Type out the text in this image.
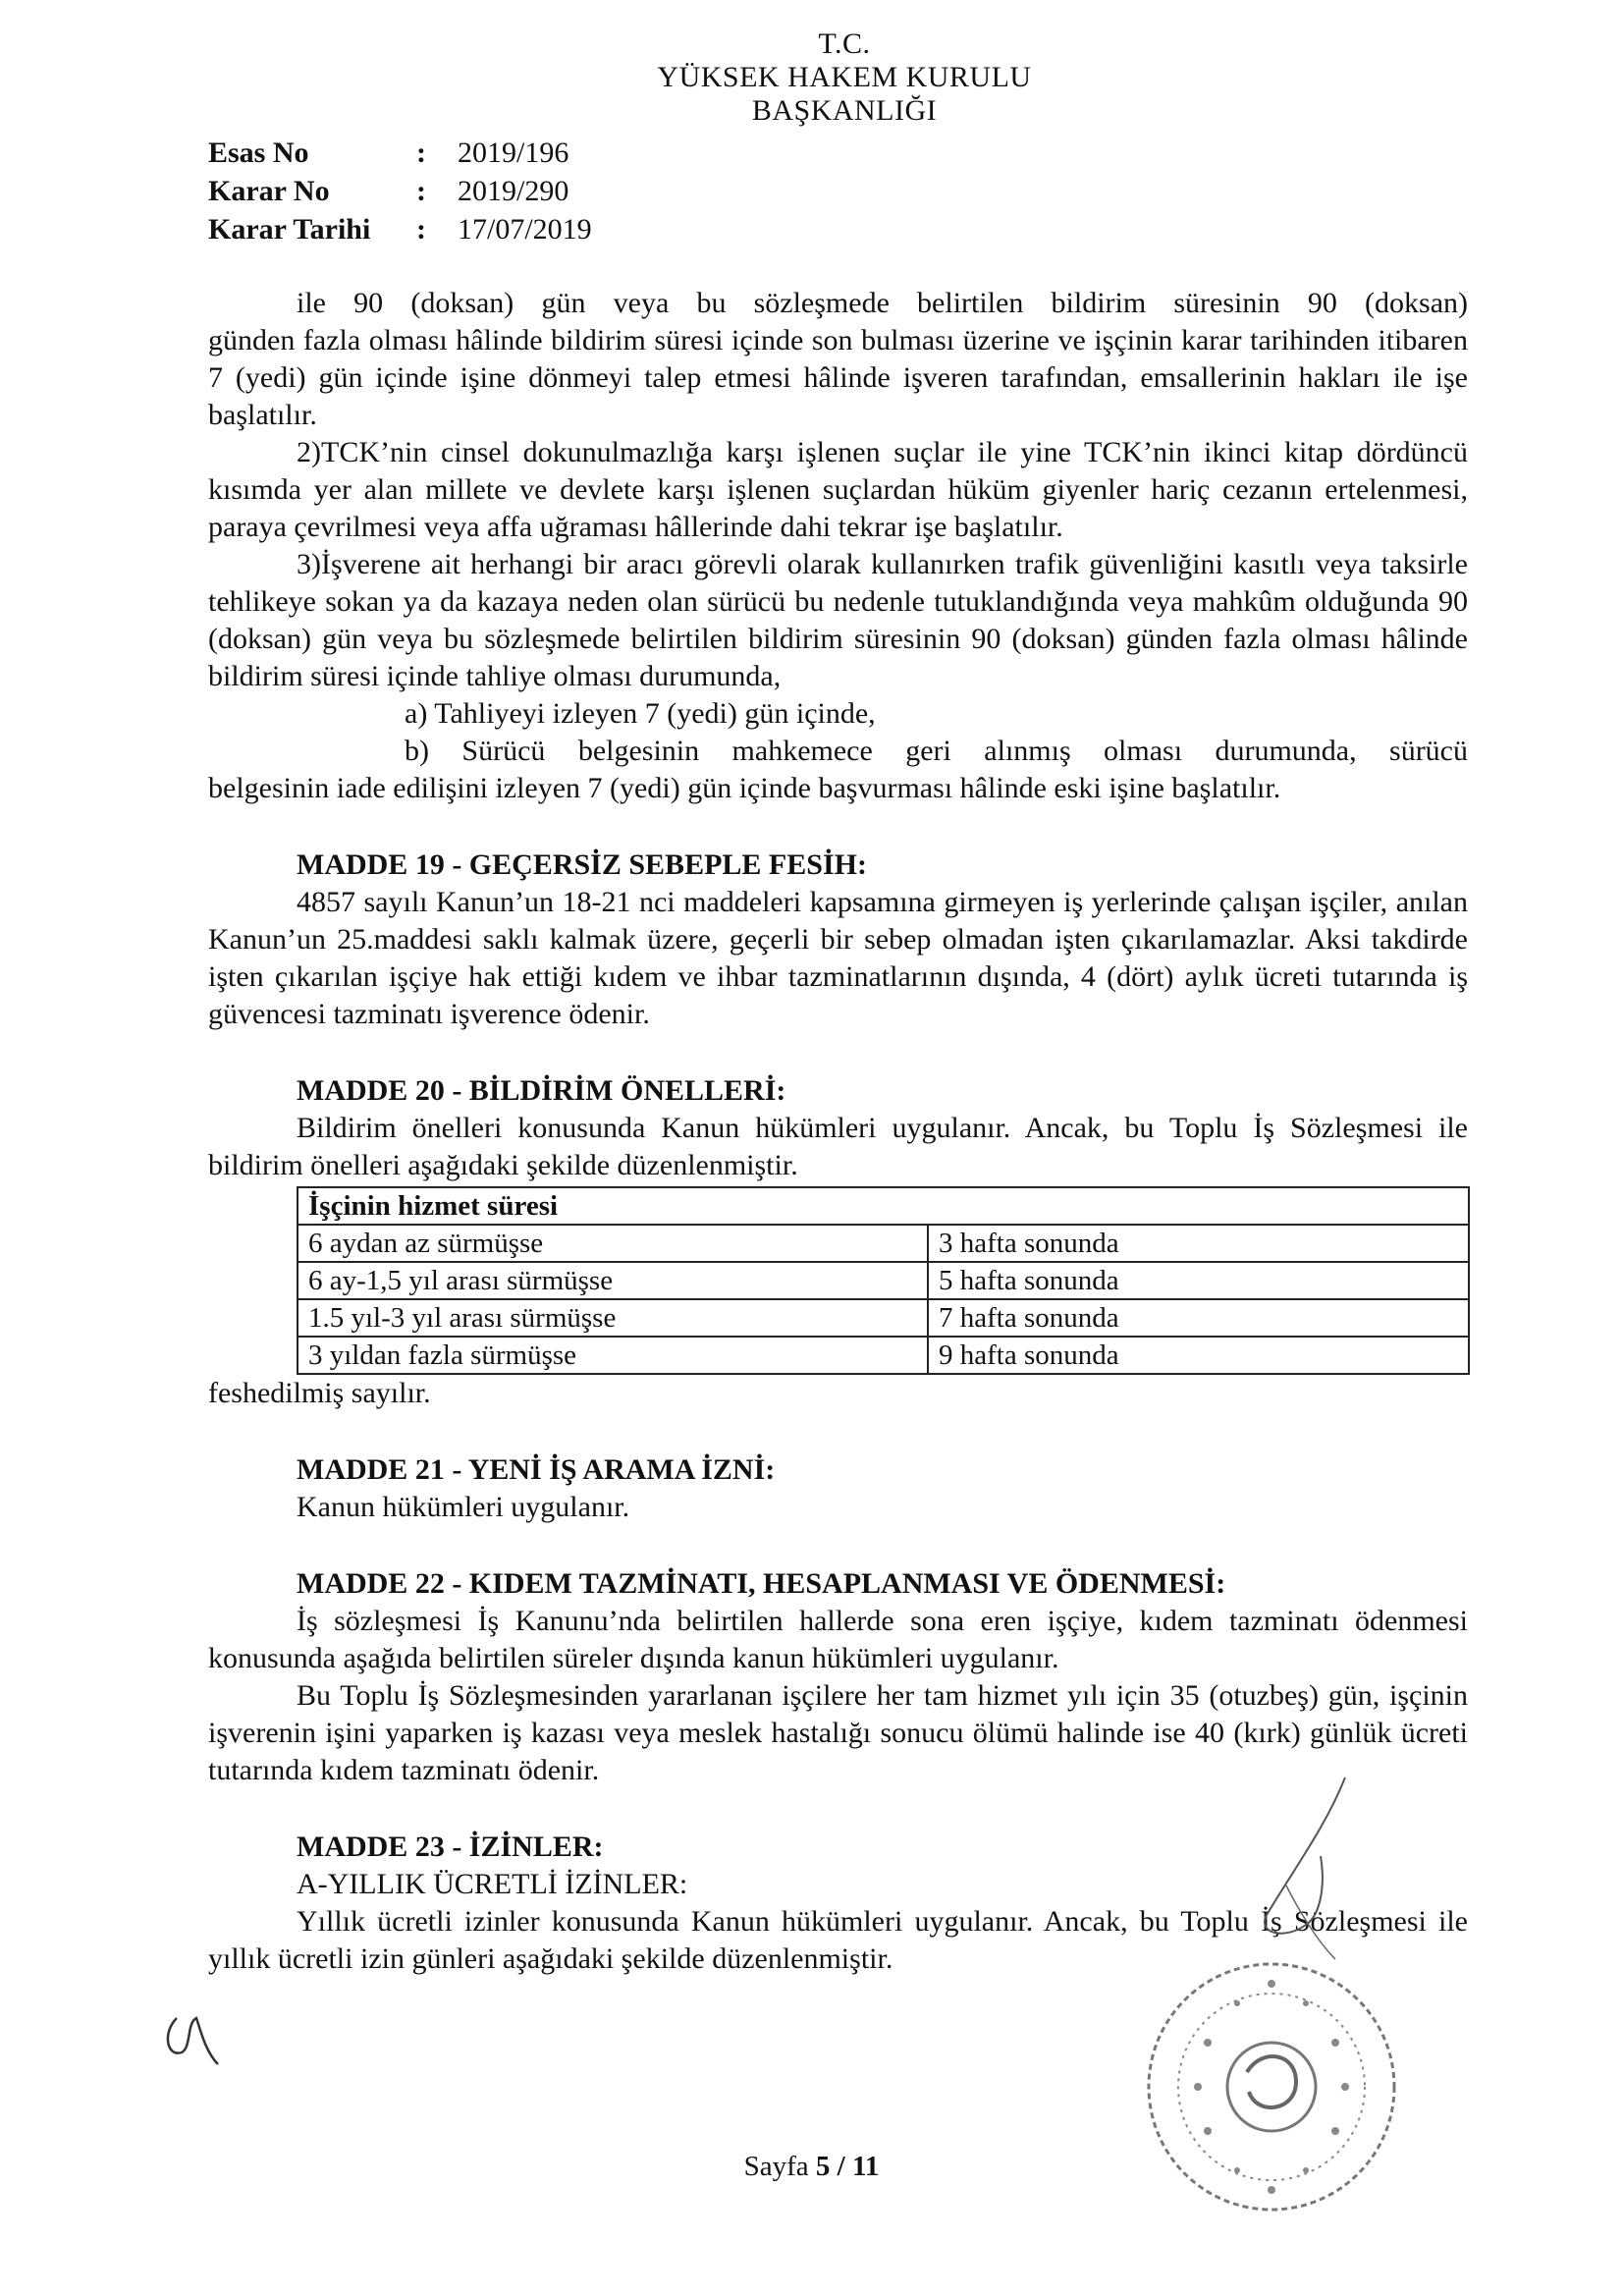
T.C.
YÜKSEK HAKEM KURULU
BAŞKANLIĞI
Esas No	:	2019/196
Karar No	:	2019/290
Karar Tarihi	:	17/07/2019

ile 90 (doksan) gün veya bu sözleşmede belirtilen bildirim süresinin 90 (doksan)

günden fazla olması hâlinde bildirim süresi içinde son bulması üzerine ve işçinin karar tarihinden itibaren 7 (yedi) gün içinde işine dönmeyi talep etmesi hâlinde işveren tarafından, emsallerinin hakları ile işe başlatılır.

2)TCK’nin cinsel dokunulmazlığa karşı işlenen suçlar ile yine TCK’nin ikinci kitap dördüncü kısımda yer alan millete ve devlete karşı işlenen suçlardan hüküm giyenler hariç cezanın ertelenmesi, paraya çevrilmesi veya affa uğraması hâllerinde dahi tekrar işe başlatılır.

3)İşverene ait herhangi bir aracı görevli olarak kullanırken trafik güvenliğini kasıtlı veya taksirle tehlikeye sokan ya da kazaya neden olan sürücü bu nedenle tutuklandığında veya mahkûm olduğunda 90 (doksan) gün veya bu sözleşmede belirtilen bildirim süresinin 90 (doksan) günden fazla olması hâlinde bildirim süresi içinde tahliye olması durumunda,

a) Tahliyeyi izleyen 7 (yedi) gün içinde,

b) Sürücü belgesinin mahkemece geri alınmış olması durumunda, sürücü

belgesinin iade edilişini izleyen 7 (yedi) gün içinde başvurması hâlinde eski işine başlatılır.

MADDE 19 - GEÇERSİZ SEBEPLE FESİH:

4857 sayılı Kanun’un 18-21 nci maddeleri kapsamına girmeyen iş yerlerinde çalışan işçiler, anılan Kanun’un 25.maddesi saklı kalmak üzere, geçerli bir sebep olmadan işten çıkarılamazlar. Aksi takdirde işten çıkarılan işçiye hak ettiği kıdem ve ihbar tazminatlarının dışında, 4 (dört) aylık ücreti tutarında iş güvencesi tazminatı işverence ödenir.

MADDE 20 - BİLDİRİM ÖNELLERİ:

Bildirim önelleri konusunda Kanun hükümleri uygulanır. Ancak, bu Toplu İş Sözleşmesi ile bildirim önelleri aşağıdaki şekilde düzenlenmiştir.

İşçinin hizmet süresi	
6 aydan az sürmüşse	3 hafta sonunda
6 ay-1,5 yıl arası sürmüşse	5 hafta sonunda
1.5 yıl-3 yıl arası sürmüşse	7 hafta sonunda
3 yıldan fazla sürmüşse	9 hafta sonunda

feshedilmiş sayılır.

MADDE 21 - YENİ İŞ ARAMA İZNİ:

Kanun hükümleri uygulanır.

MADDE 22 - KIDEM TAZMİNATI, HESAPLANMASI VE ÖDENMESİ:

İş sözleşmesi İş Kanunu’nda belirtilen hallerde sona eren işçiye, kıdem tazminatı ödenmesi konusunda aşağıda belirtilen süreler dışında kanun hükümleri uygulanır.

Bu Toplu İş Sözleşmesinden yararlanan işçilere her tam hizmet yılı için 35 (otuzbeş) gün, işçinin işverenin işini yaparken iş kazası veya meslek hastalığı sonucu ölümü halinde ise 40 (kırk) günlük ücreti tutarında kıdem tazminatı ödenir.

MADDE 23 - İZİNLER:

A-YILLIK ÜCRETLİ İZİNLER:

Yıllık ücretli izinler konusunda Kanun hükümleri uygulanır. Ancak, bu Toplu İş Sözleşmesi ile yıllık ücretli izin günleri aşağıdaki şekilde düzenlenmiştir.

Sayfa 5 / 11
